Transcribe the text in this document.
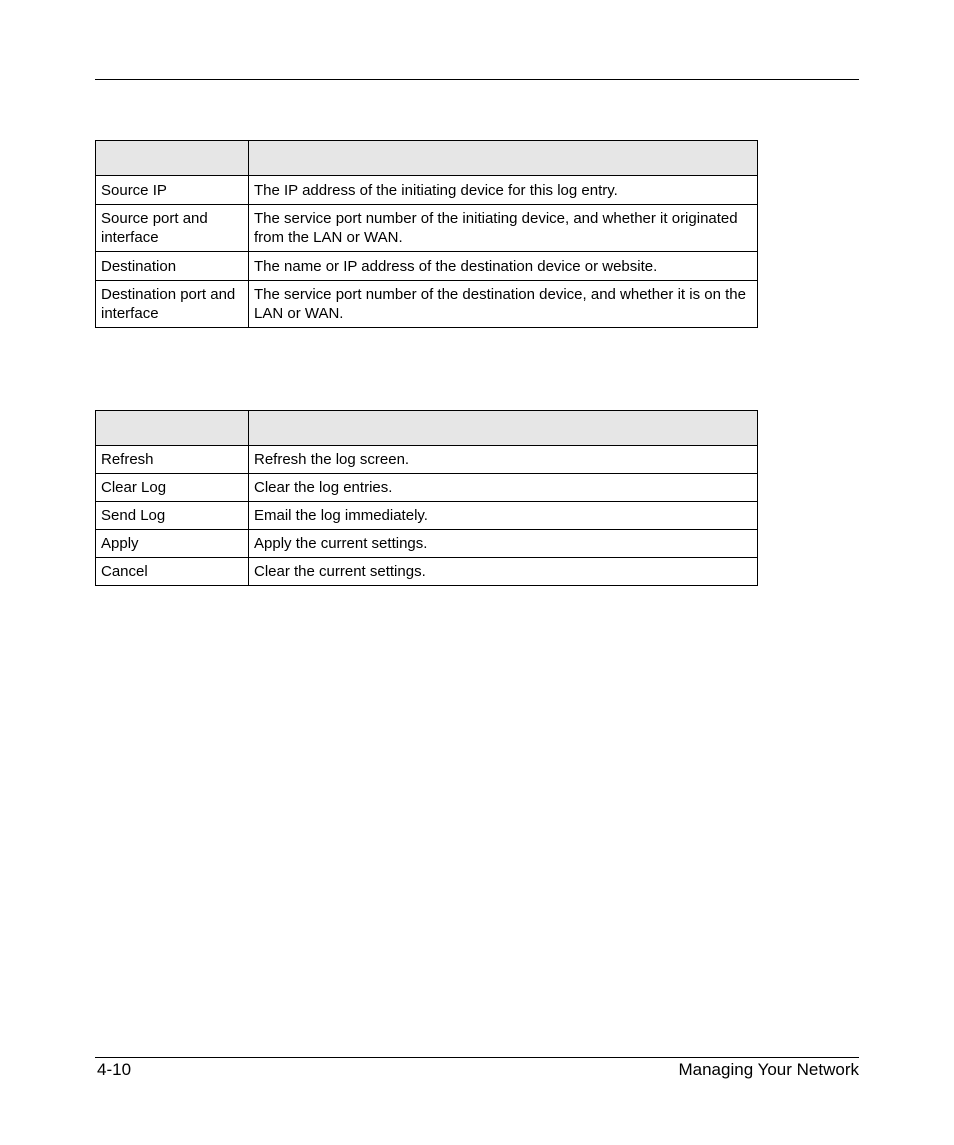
Source IP	The IP address of the initiating device for this log entry.
Source port and interface	The service port number of the initiating device, and whether it originated from the LAN or WAN.
Destination	The name or IP address of the destination device or website.
Destination port and interface	The service port number of the destination device, and whether it is on the LAN or WAN.

Refresh	Refresh the log screen.
Clear Log	Clear the log entries.
Send Log	Email the log immediately.
Apply	Apply the current settings.
Cancel	Clear the current settings.
4-10	Managing Your Network
